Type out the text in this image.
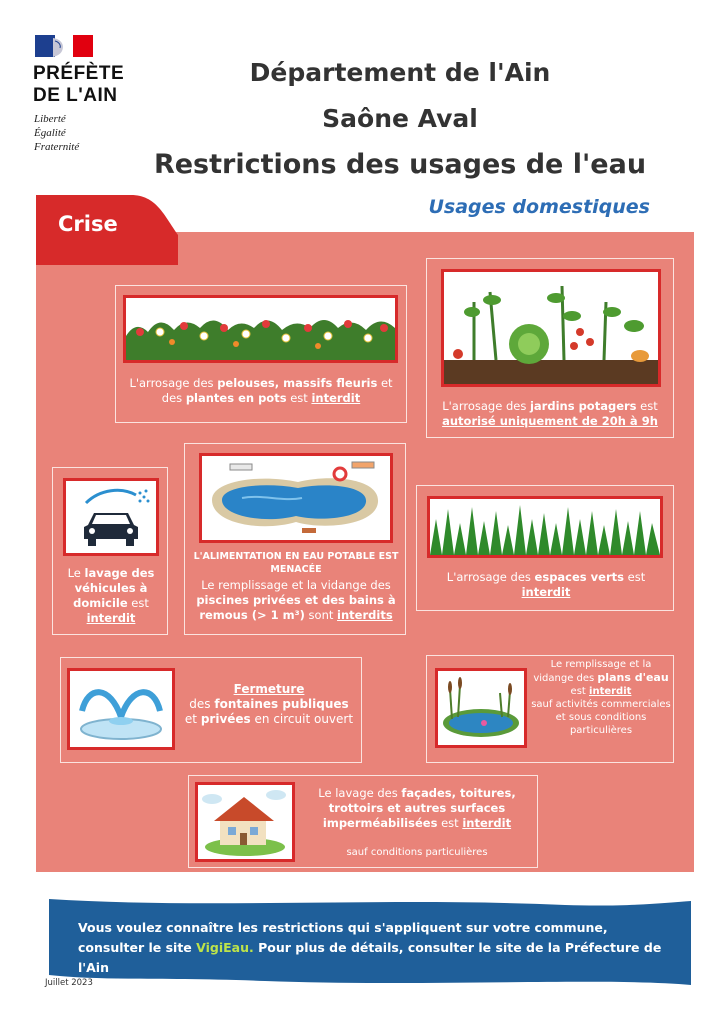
PRÉFÈTE
DE L'AIN
Liberté
Égalité
Fraternité
Département de l'Ain
Saône Aval
Restrictions des usages de l'eau
Crise
Usages domestiques
L'arrosage des pelouses, massifs fleuris et des plantes en pots est interdit
L'arrosage des jardins potagers est autorisé uniquement de 20h à 9h
Le lavage des véhicules à domicile est
interdit
L'ALIMENTATION EN EAU POTABLE EST MENACÉE
Le remplissage et la vidange des piscines privées et des bains à remous (> 1 m³) sont interdits
L'arrosage des espaces verts est interdit
Fermeture
des fontaines publiques
et privées en circuit ouvert
Le remplissage et la vidange des plans d'eau est interdit
sauf activités commerciales et sous conditions particulières
Le lavage des façades, toitures, trottoirs et autres surfaces imperméabilisées est interdit
sauf conditions particulières
Vous voulez connaître les restrictions qui s'appliquent sur votre commune, consulter le site VigiEau. Pour plus de détails, consulter le site de la Préfecture de l'Ain
http://www.ain.gouv.fr
Juillet 2023
